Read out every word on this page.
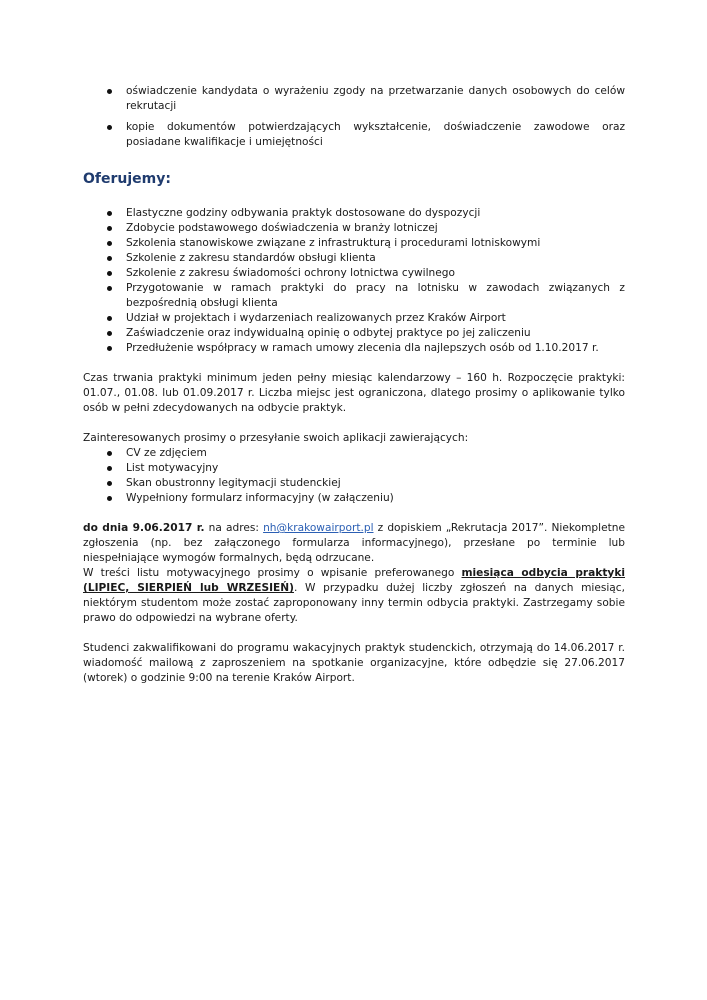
oświadczenie kandydata o wyrażeniu zgody na przetwarzanie danych osobowych do celów rekrutacji
kopie dokumentów potwierdzających wykształcenie, doświadczenie zawodowe oraz posiadane kwalifikacje i umiejętności
Oferujemy:
Elastyczne godziny odbywania praktyk dostosowane do dyspozycji
Zdobycie podstawowego doświadczenia w branży lotniczej
Szkolenia stanowiskowe związane z infrastrukturą i procedurami lotniskowymi
Szkolenie z zakresu standardów obsługi klienta
Szkolenie z zakresu świadomości ochrony lotnictwa cywilnego
Przygotowanie w ramach praktyki do pracy na lotnisku w zawodach związanych z bezpośrednią obsługi klienta
Udział w projektach i wydarzeniach realizowanych przez Kraków Airport
Zaświadczenie oraz indywidualną opinię o odbytej praktyce po jej zaliczeniu
Przedłużenie współpracy w ramach umowy zlecenia dla najlepszych osób od 1.10.2017 r.

Czas trwania praktyki minimum jeden pełny miesiąc kalendarzowy – 160 h. Rozpoczęcie praktyki: 01.07., 01.08. lub 01.09.2017 r. Liczba miejsc jest ograniczona, dlatego prosimy o aplikowanie tylko osób w pełni zdecydowanych na odbycie praktyk.

Zainteresowanych prosimy o przesyłanie swoich aplikacji zawierających:

CV ze zdjęciem
List motywacyjny
Skan obustronny legitymacji studenckiej
Wypełniony formularz informacyjny (w załączeniu)

do dnia 9.06.2017 r. na adres: nh@krakowairport.pl z dopiskiem „Rekrutacja 2017”. Niekompletne zgłoszenia (np. bez załączonego formularza informacyjnego), przesłane po terminie lub niespełniające wymogów formalnych, będą odrzucane.

W treści listu motywacyjnego prosimy o wpisanie preferowanego miesiąca odbycia praktyki (LIPIEC, SIERPIEŃ lub WRZESIEŃ). W przypadku dużej liczby zgłoszeń na danych miesiąc, niektórym studentom może zostać zaproponowany inny termin odbycia praktyki. Zastrzegamy sobie prawo do odpowiedzi na wybrane oferty.

Studenci zakwalifikowani do programu wakacyjnych praktyk studenckich, otrzymają do 14.06.2017 r. wiadomość mailową z zaproszeniem na spotkanie organizacyjne, które odbędzie się 27.06.2017 (wtorek) o godzinie 9:00 na terenie Kraków Airport.
